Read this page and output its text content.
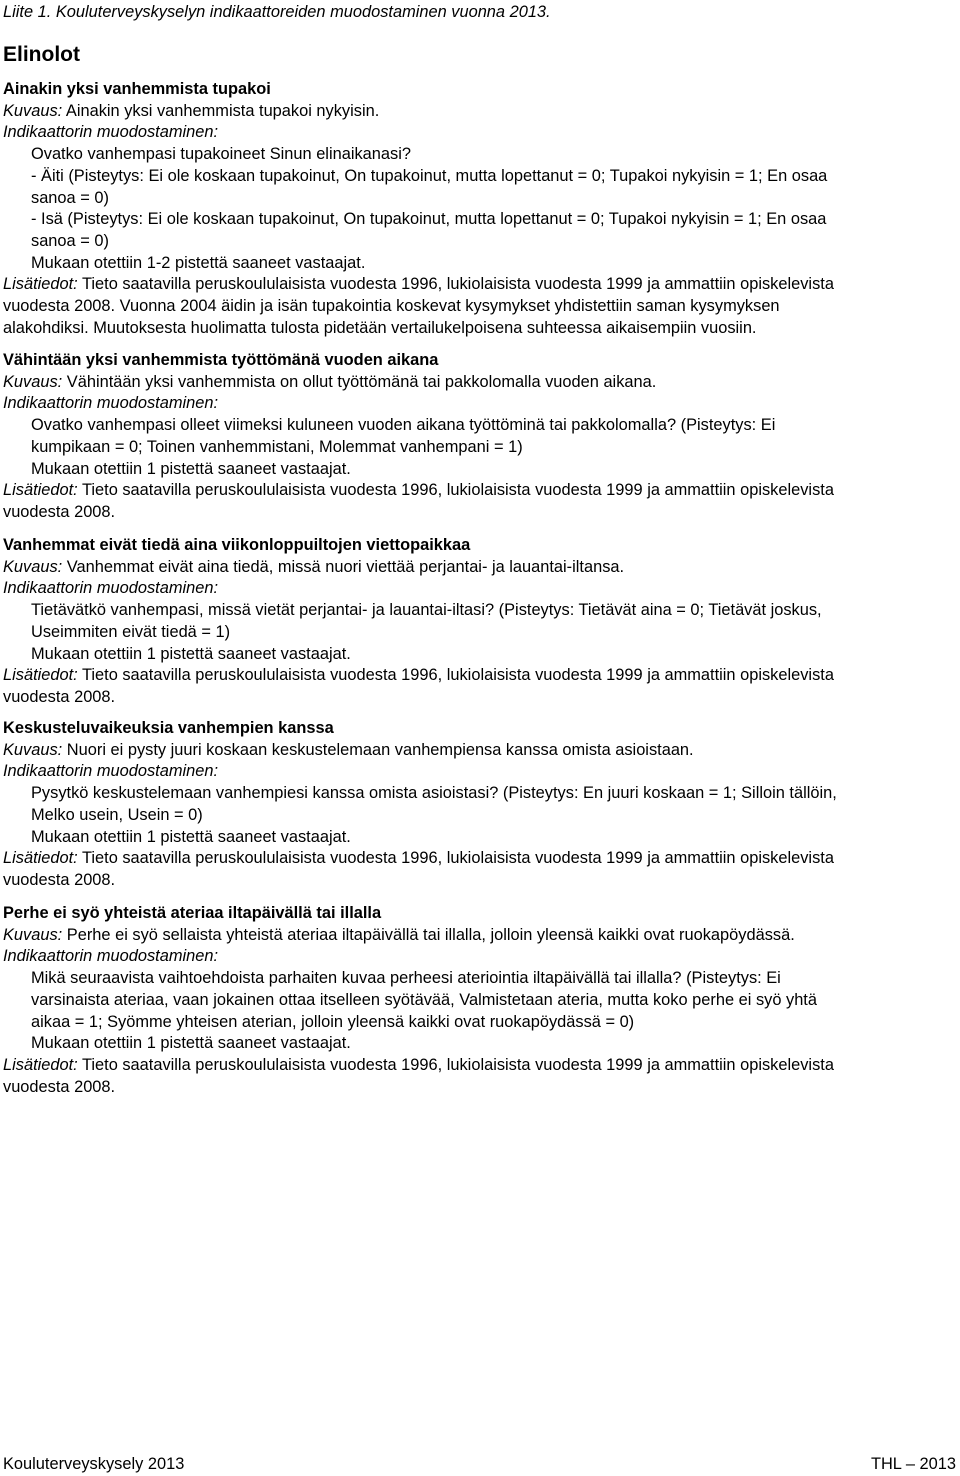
Liite 1. Kouluterveyskyselyn indikaattoreiden muodostaminen vuonna 2013.
Elinolot
Ainakin yksi vanhemmista tupakoi
Kuvaus: Ainakin yksi vanhemmista tupakoi nykyisin.
Indikaattorin muodostaminen:
Ovatko vanhempasi tupakoineet Sinun elinaikanasi?
- Äiti (Pisteytys: Ei ole koskaan tupakoinut, On tupakoinut, mutta lopettanut = 0; Tupakoi nykyisin = 1; En osaa
sanoa = 0)
- Isä (Pisteytys: Ei ole koskaan tupakoinut, On tupakoinut, mutta lopettanut = 0; Tupakoi nykyisin = 1; En osaa
sanoa = 0)
Mukaan otettiin 1-2 pistettä saaneet vastaajat.
Lisätiedot: Tieto saatavilla peruskoululaisista vuodesta 1996, lukiolaisista vuodesta 1999 ja ammattiin opiskelevista
vuodesta 2008. Vuonna 2004 äidin ja isän tupakointia koskevat kysymykset yhdistettiin saman kysymyksen
alakohdiksi. Muutoksesta huolimatta tulosta pidetään vertailukelpoisena suhteessa aikaisempiin vuosiin.
Vähintään yksi vanhemmista työttömänä vuoden aikana
Kuvaus: Vähintään yksi vanhemmista on ollut työttömänä tai pakkolomalla vuoden aikana.
Indikaattorin muodostaminen:
Ovatko vanhempasi olleet viimeksi kuluneen vuoden aikana työttöminä tai pakkolomalla? (Pisteytys: Ei
kumpikaan = 0; Toinen vanhemmistani, Molemmat vanhempani = 1)
Mukaan otettiin 1 pistettä saaneet vastaajat.
Lisätiedot: Tieto saatavilla peruskoululaisista vuodesta 1996, lukiolaisista vuodesta 1999 ja ammattiin opiskelevista
vuodesta 2008.
Vanhemmat eivät tiedä aina viikonloppuiltojen viettopaikkaa
Kuvaus: Vanhemmat eivät aina tiedä, missä nuori viettää perjantai- ja lauantai-iltansa.
Indikaattorin muodostaminen:
Tietävätkö vanhempasi, missä vietät perjantai- ja lauantai-iltasi? (Pisteytys: Tietävät aina = 0; Tietävät joskus,
Useimmiten eivät tiedä = 1)
Mukaan otettiin 1 pistettä saaneet vastaajat.
Lisätiedot: Tieto saatavilla peruskoululaisista vuodesta 1996, lukiolaisista vuodesta 1999 ja ammattiin opiskelevista
vuodesta 2008.
Keskusteluvaikeuksia vanhempien kanssa
Kuvaus: Nuori ei pysty juuri koskaan keskustelemaan vanhempiensa kanssa omista asioistaan.
Indikaattorin muodostaminen:
Pysytkö keskustelemaan vanhempiesi kanssa omista asioistasi? (Pisteytys: En juuri koskaan = 1; Silloin tällöin,
Melko usein, Usein = 0)
Mukaan otettiin 1 pistettä saaneet vastaajat.
Lisätiedot: Tieto saatavilla peruskoululaisista vuodesta 1996, lukiolaisista vuodesta 1999 ja ammattiin opiskelevista
vuodesta 2008.
Perhe ei syö yhteistä ateriaa iltapäivällä tai illalla
Kuvaus: Perhe ei syö sellaista yhteistä ateriaa iltapäivällä tai illalla, jolloin yleensä kaikki ovat ruokapöydässä.
Indikaattorin muodostaminen:
Mikä seuraavista vaihtoehdoista parhaiten kuvaa perheesi ateriointia iltapäivällä tai illalla? (Pisteytys: Ei
varsinaista ateriaa, vaan jokainen ottaa itselleen syötävää, Valmistetaan ateria, mutta koko perhe ei syö yhtä
aikaa = 1; Syömme yhteisen aterian, jolloin yleensä kaikki ovat ruokapöydässä = 0)
Mukaan otettiin 1 pistettä saaneet vastaajat.
Lisätiedot: Tieto saatavilla peruskoululaisista vuodesta 1996, lukiolaisista vuodesta 1999 ja ammattiin opiskelevista
vuodesta 2008.
Kouluterveyskysely 2013	THL – 2013
